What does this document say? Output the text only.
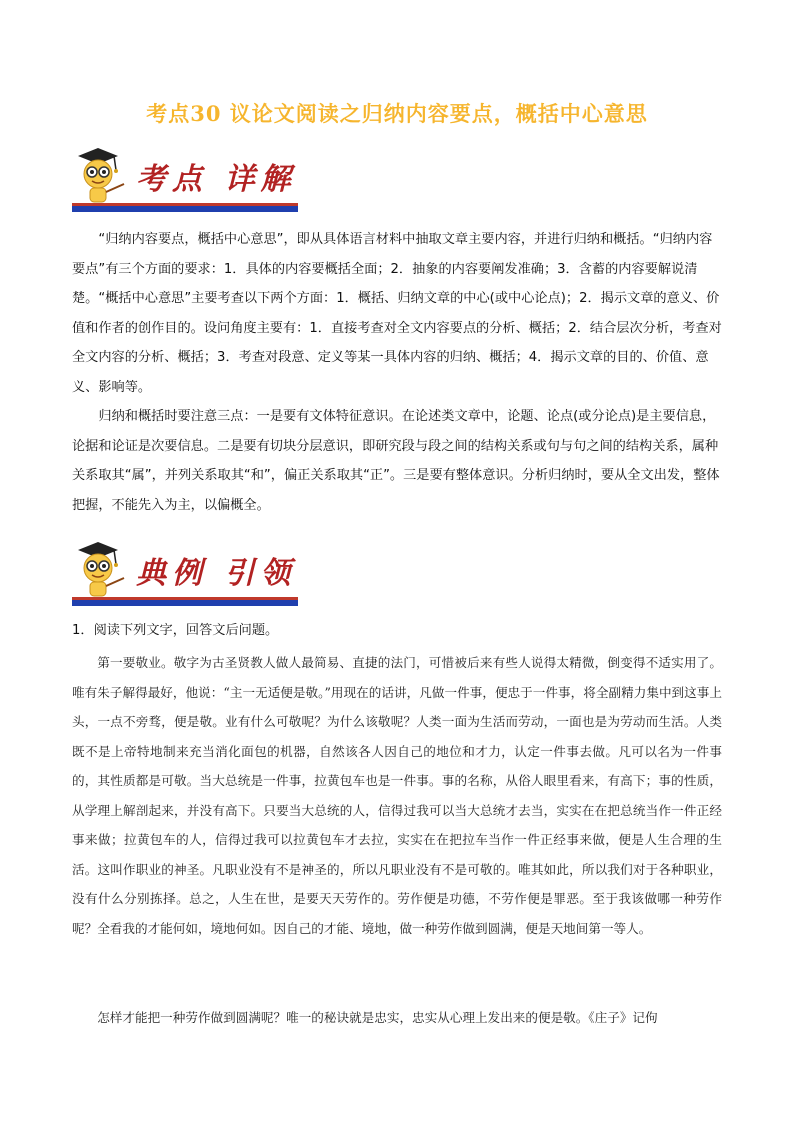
考点30 议论文阅读之归纳内容要点，概括中心意思
考点 详解

“归纳内容要点，概括中心意思”，即从具体语言材料中抽取文章主要内容，并进行归纳和概括。“归纳内容要点”有三个方面的要求：1．具体的内容要概括全面；2．抽象的内容要阐发准确；3．含蓄的内容要解说清楚。“概括中心意思”主要考查以下两个方面：1．概括、归纳文章的中心(或中心论点)；2．揭示文章的意义、价值和作者的创作目的。设问角度主要有：1．直接考查对全文内容要点的分析、概括；2．结合层次分析，考查对全文内容的分析、概括；3．考查对段意、定义等某一具体内容的归纳、概括；4．揭示文章的目的、价值、意义、影响等。

归纳和概括时要注意三点：一是要有文体特征意识。在论述类文章中，论题、论点(或分论点)是主要信息，论据和论证是次要信息。二是要有切块分层意识，即研究段与段之间的结构关系或句与句之间的结构关系，属种关系取其“属”，并列关系取其“和”，偏正关系取其“正”。三是要有整体意识。分析归纳时，要从全文出发，整体把握，不能先入为主，以偏概全。

典例 引领

1．阅读下列文字，回答文后问题。

第一要敬业。敬字为古圣贤教人做人最简易、直捷的法门，可惜被后来有些人说得太精微，倒变得不适实用了。唯有朱子解得最好，他说：“主一无适便是敬。”用现在的话讲，凡做一件事，便忠于一件事，将全副精力集中到这事上头，一点不旁骛，便是敬。业有什么可敬呢？为什么该敬呢？人类一面为生活而劳动，一面也是为劳动而生活。人类既不是上帝特地制来充当消化面包的机器，自然该各人因自己的地位和才力，认定一件事去做。凡可以名为一件事的，其性质都是可敬。当大总统是一件事，拉黄包车也是一件事。事的名称，从俗人眼里看来，有高下；事的性质，从学理上解剖起来，并没有高下。只要当大总统的人，信得过我可以当大总统才去当，实实在在把总统当作一件正经事来做；拉黄包车的人，信得过我可以拉黄包车才去拉，实实在在把拉车当作一件正经事来做，便是人生合理的生活。这叫作职业的神圣。凡职业没有不是神圣的，所以凡职业没有不是可敬的。唯其如此，所以我们对于各种职业，没有什么分别拣择。总之，人生在世，是要天天劳作的。劳作便是功德，不劳作便是罪恶。至于我该做哪一种劳作呢？全看我的才能何如，境地何如。因自己的才能、境地，做一种劳作做到圆满，便是天地间第一等人。

怎样才能把一种劳作做到圆满呢？唯一的秘诀就是忠实，忠实从心理上发出来的便是敬。《庄子》记佝
